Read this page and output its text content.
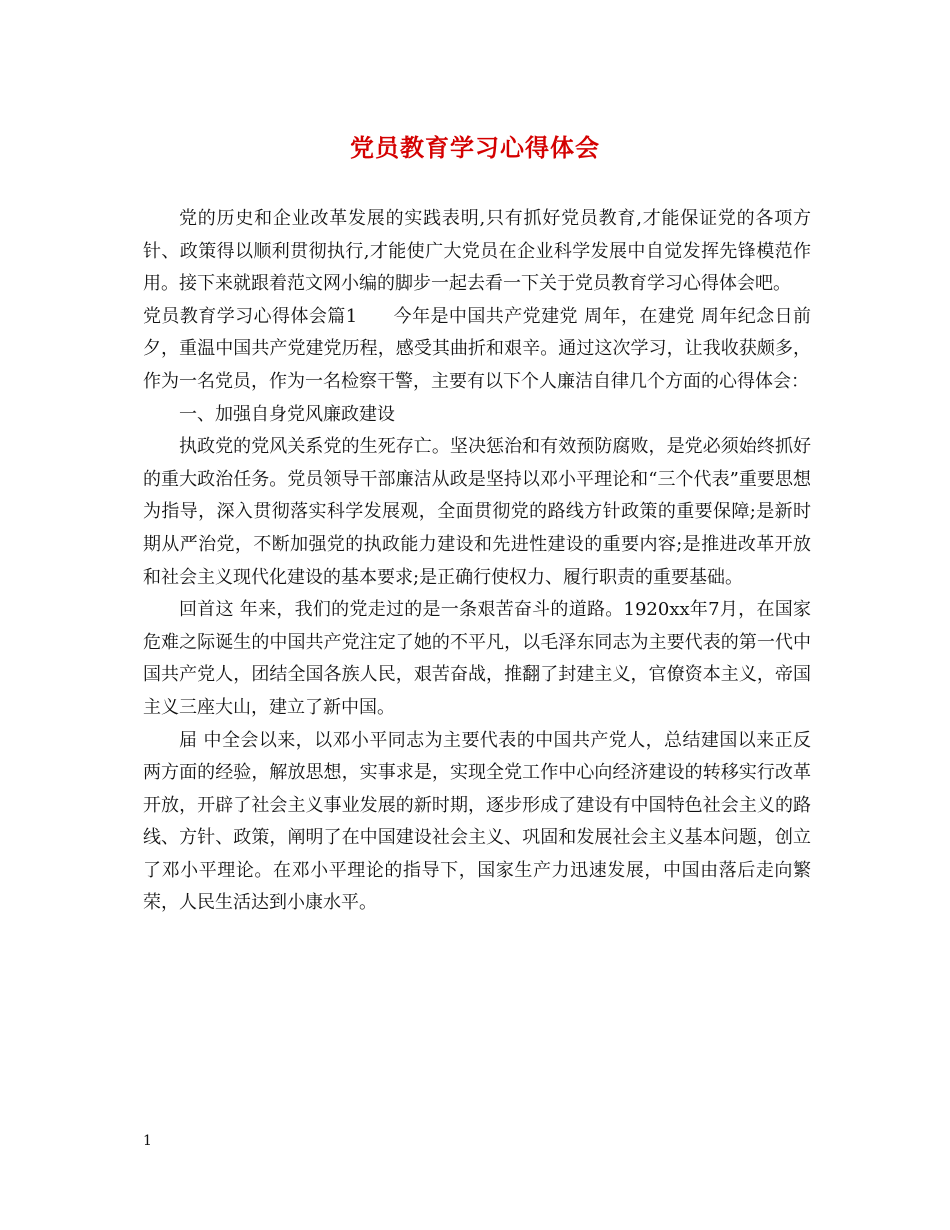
党员教育学习心得体会

党的历史和企业改革发展的实践表明,只有抓好党员教育,才能保证党的各项方针、政策得以顺利贯彻执行,才能使广大党员在企业科学发展中自觉发挥先锋模范作用。接下来就跟着范文网小编的脚步一起去看一下关于党员教育学习心得体会吧。

党员教育学习心得体会篇1 今年是中国共产党建党 周年，在建党 周年纪念日前夕，重温中国共产党建党历程，感受其曲折和艰辛。通过这次学习，让我收获颇多，作为一名党员，作为一名检察干警，主要有以下个人廉洁自律几个方面的心得体会：

一、加强自身党风廉政建设

执政党的党风关系党的生死存亡。坚决惩治和有效预防腐败，是党必须始终抓好的重大政治任务。党员领导干部廉洁从政是坚持以邓小平理论和“三个代表”重要思想为指导，深入贯彻落实科学发展观，全面贯彻党的路线方针政策的重要保障;是新时期从严治党，不断加强党的执政能力建设和先进性建设的重要内容;是推进改革开放和社会主义现代化建设的基本要求;是正确行使权力、履行职责的重要基础。

回首这 年来，我们的党走过的是一条艰苦奋斗的道路。1920xx年7月，在国家危难之际诞生的中国共产党注定了她的不平凡，以毛泽东同志为主要代表的第一代中国共产党人，团结全国各族人民，艰苦奋战，推翻了封建主义，官僚资本主义，帝国主义三座大山，建立了新中国。

届 中全会以来，以邓小平同志为主要代表的中国共产党人，总结建国以来正反两方面的经验，解放思想，实事求是，实现全党工作中心向经济建设的转移实行改革开放，开辟了社会主义事业发展的新时期，逐步形成了建设有中国特色社会主义的路线、方针、政策，阐明了在中国建设社会主义、巩固和发展社会主义基本问题，创立了邓小平理论。在邓小平理论的指导下，国家生产力迅速发展，中国由落后走向繁荣，人民生活达到小康水平。

1
